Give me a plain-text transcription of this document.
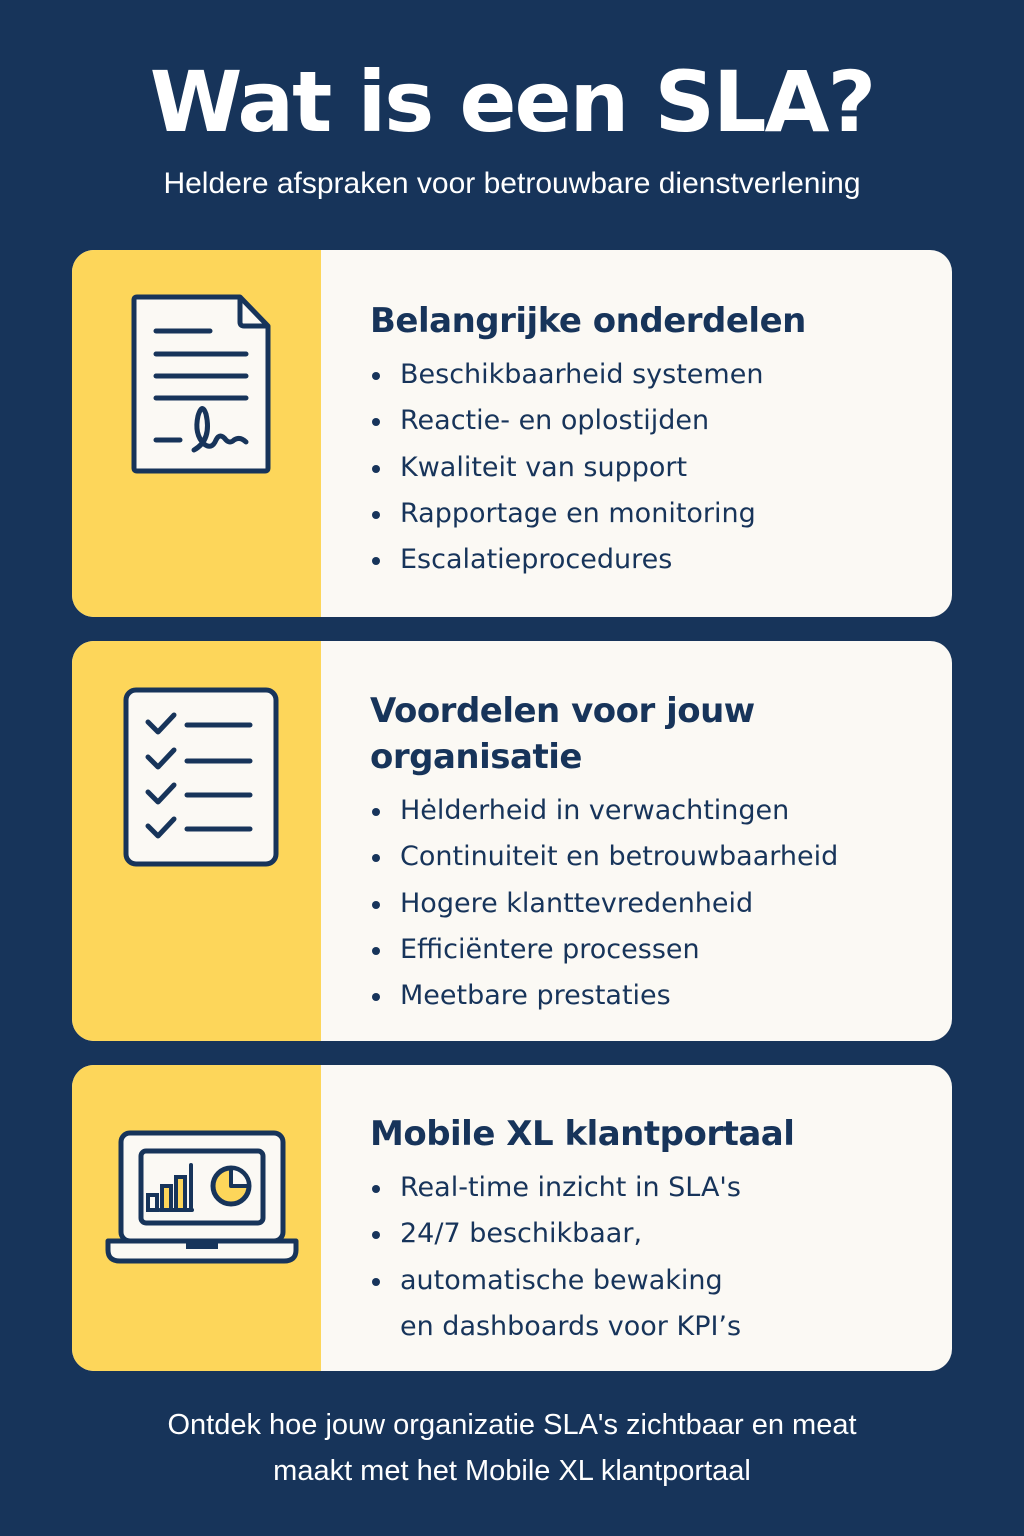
Wat is een SLA?
Heldere afspraken voor betrouwbare dienstverlening
Belangrijke onderdelen
Beschikbaarheid systemen
Reactie- en oplostijden
Kwaliteit van support
Rapportage en monitoring
Escalatieprocedures
Voordelen voor jouw
organisatie
Hėlderheid in verwachtingen
Continuiteit en betrouwbaarheid
Hogere klanttevredenheid
Efficiëntere processen
Meetbare prestaties
Mobile XL klantportaal
Real-time inzicht in SLA's
24/7 beschikbaar,
automatische bewaking
en dashboards voor KPI’s
Ontdek hoe jouw organizatie SLA's zichtbaar en meat
maakt met het Mobile XL klantportaal
